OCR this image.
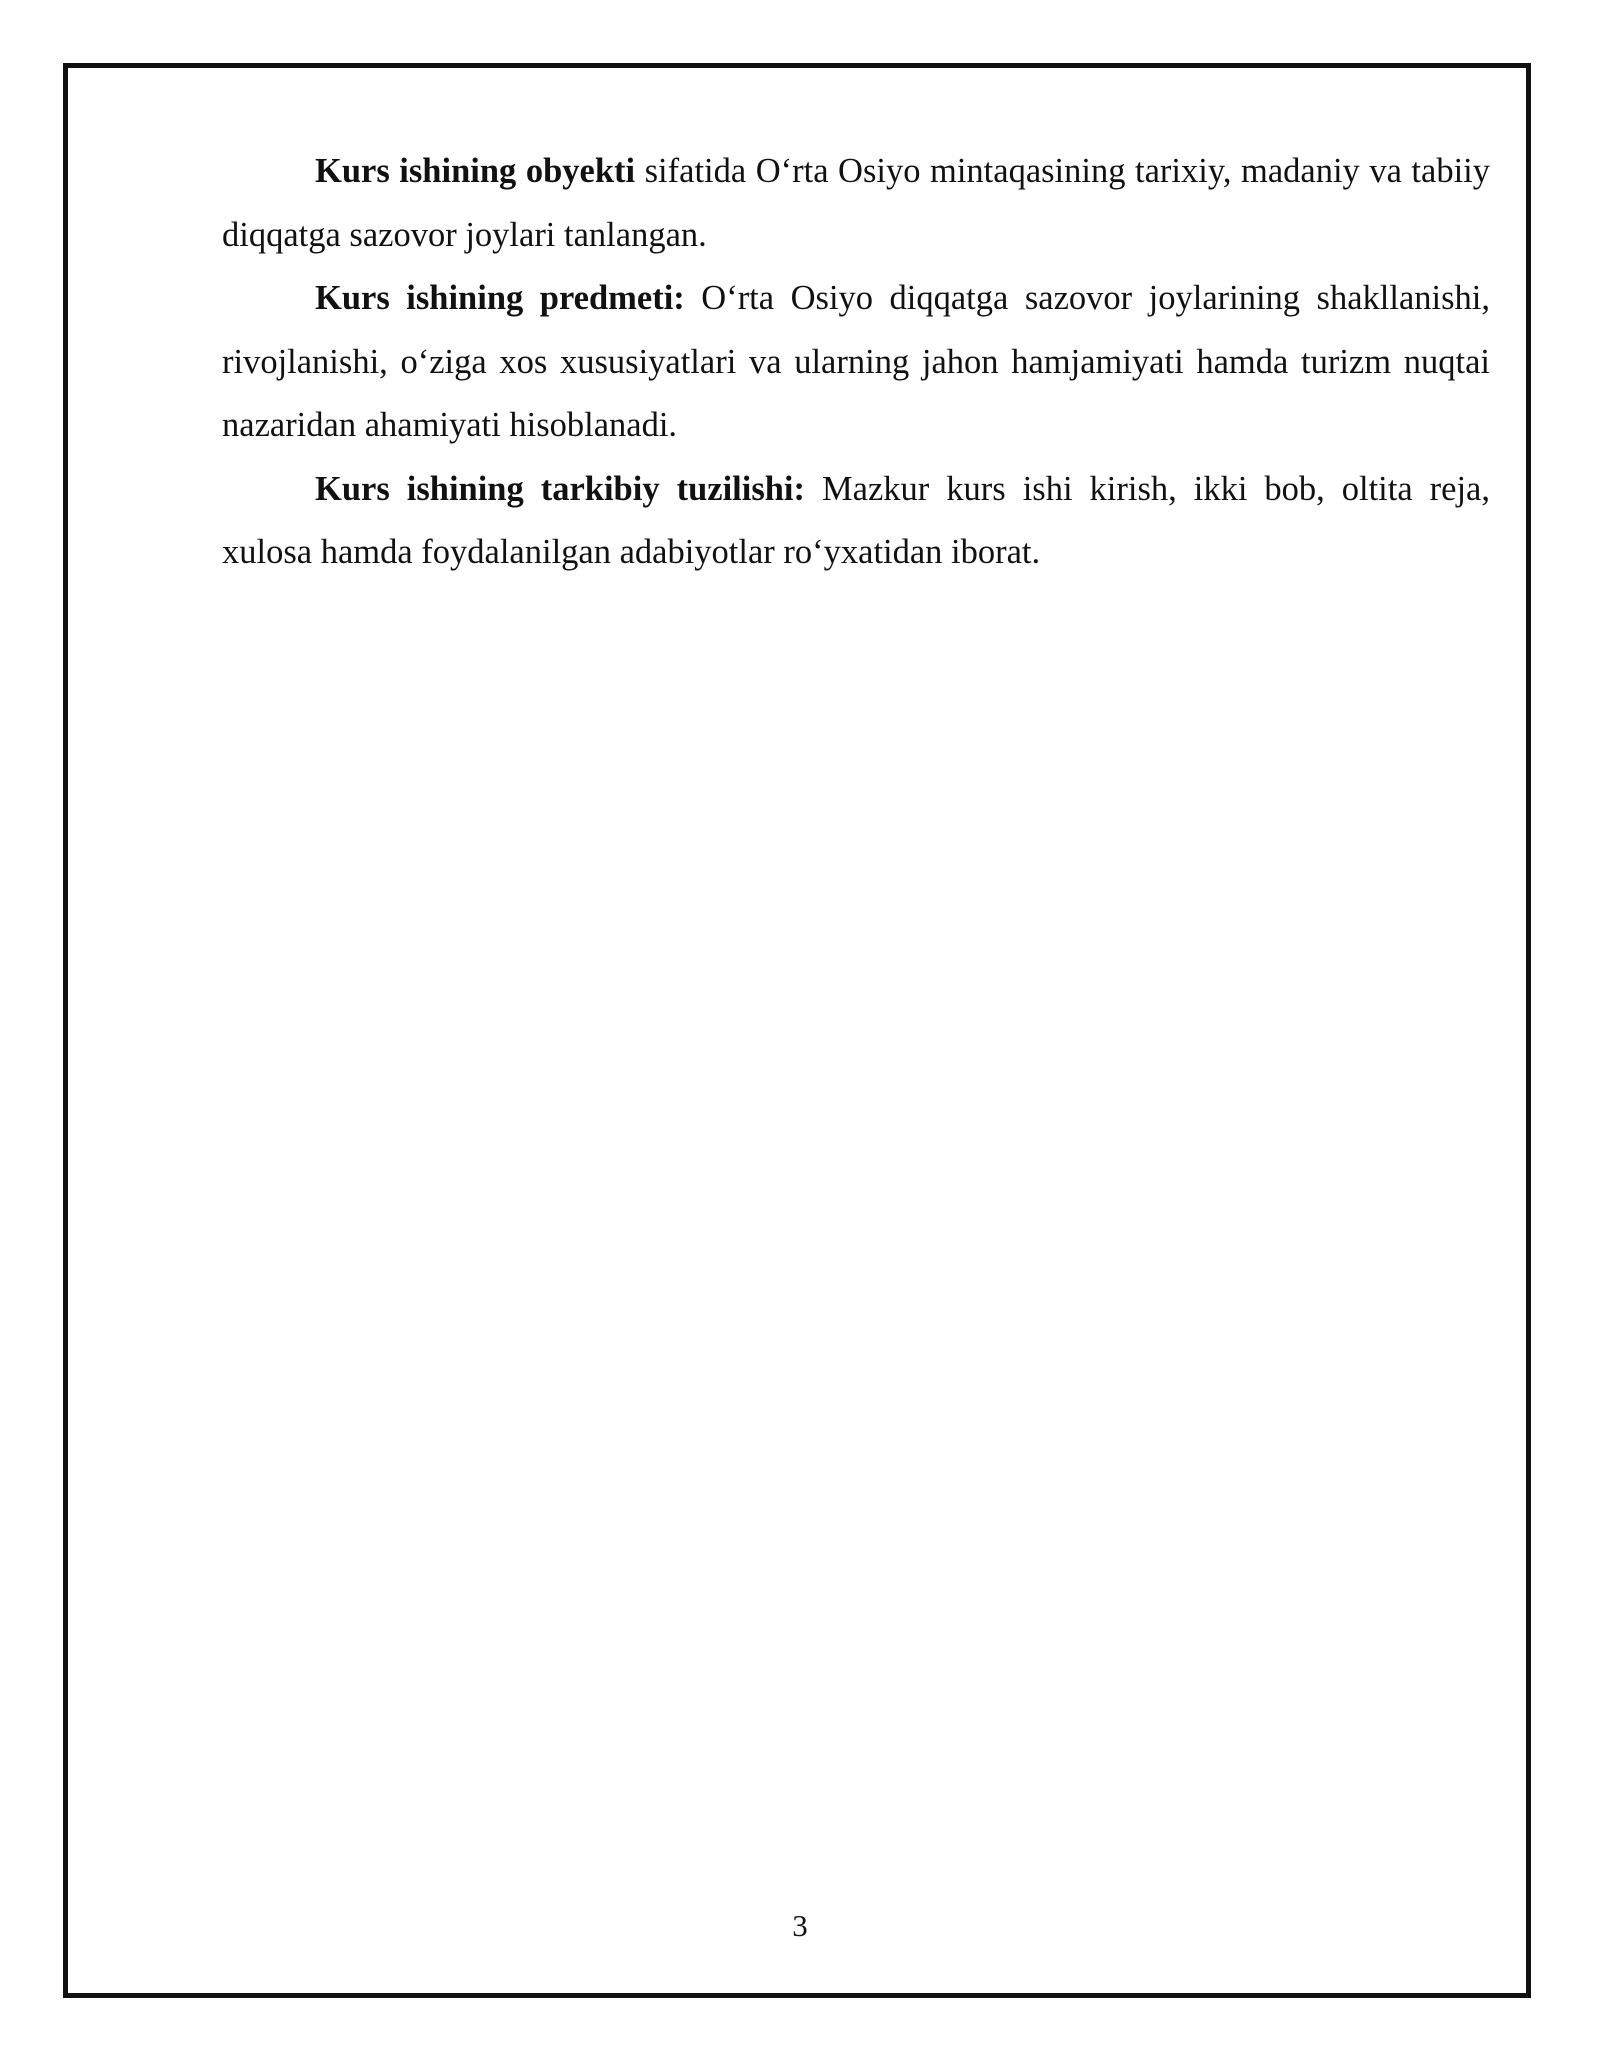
Kurs ishining obyekti sifatida O‘rta Osiyo mintaqasining tarixiy, madaniy va tabiiy diqqatga sazovor joylari tanlangan.

Kurs ishining predmeti: O‘rta Osiyo diqqatga sazovor joylarining shakllanishi, rivojlanishi, o‘ziga xos xususiyatlari va ularning jahon hamjamiyati hamda turizm nuqtai nazaridan ahamiyati hisoblanadi.

Kurs ishining tarkibiy tuzilishi: Mazkur kurs ishi kirish, ikki bob, oltita reja, xulosa hamda foydalanilgan adabiyotlar ro‘yxatidan iborat.

3
